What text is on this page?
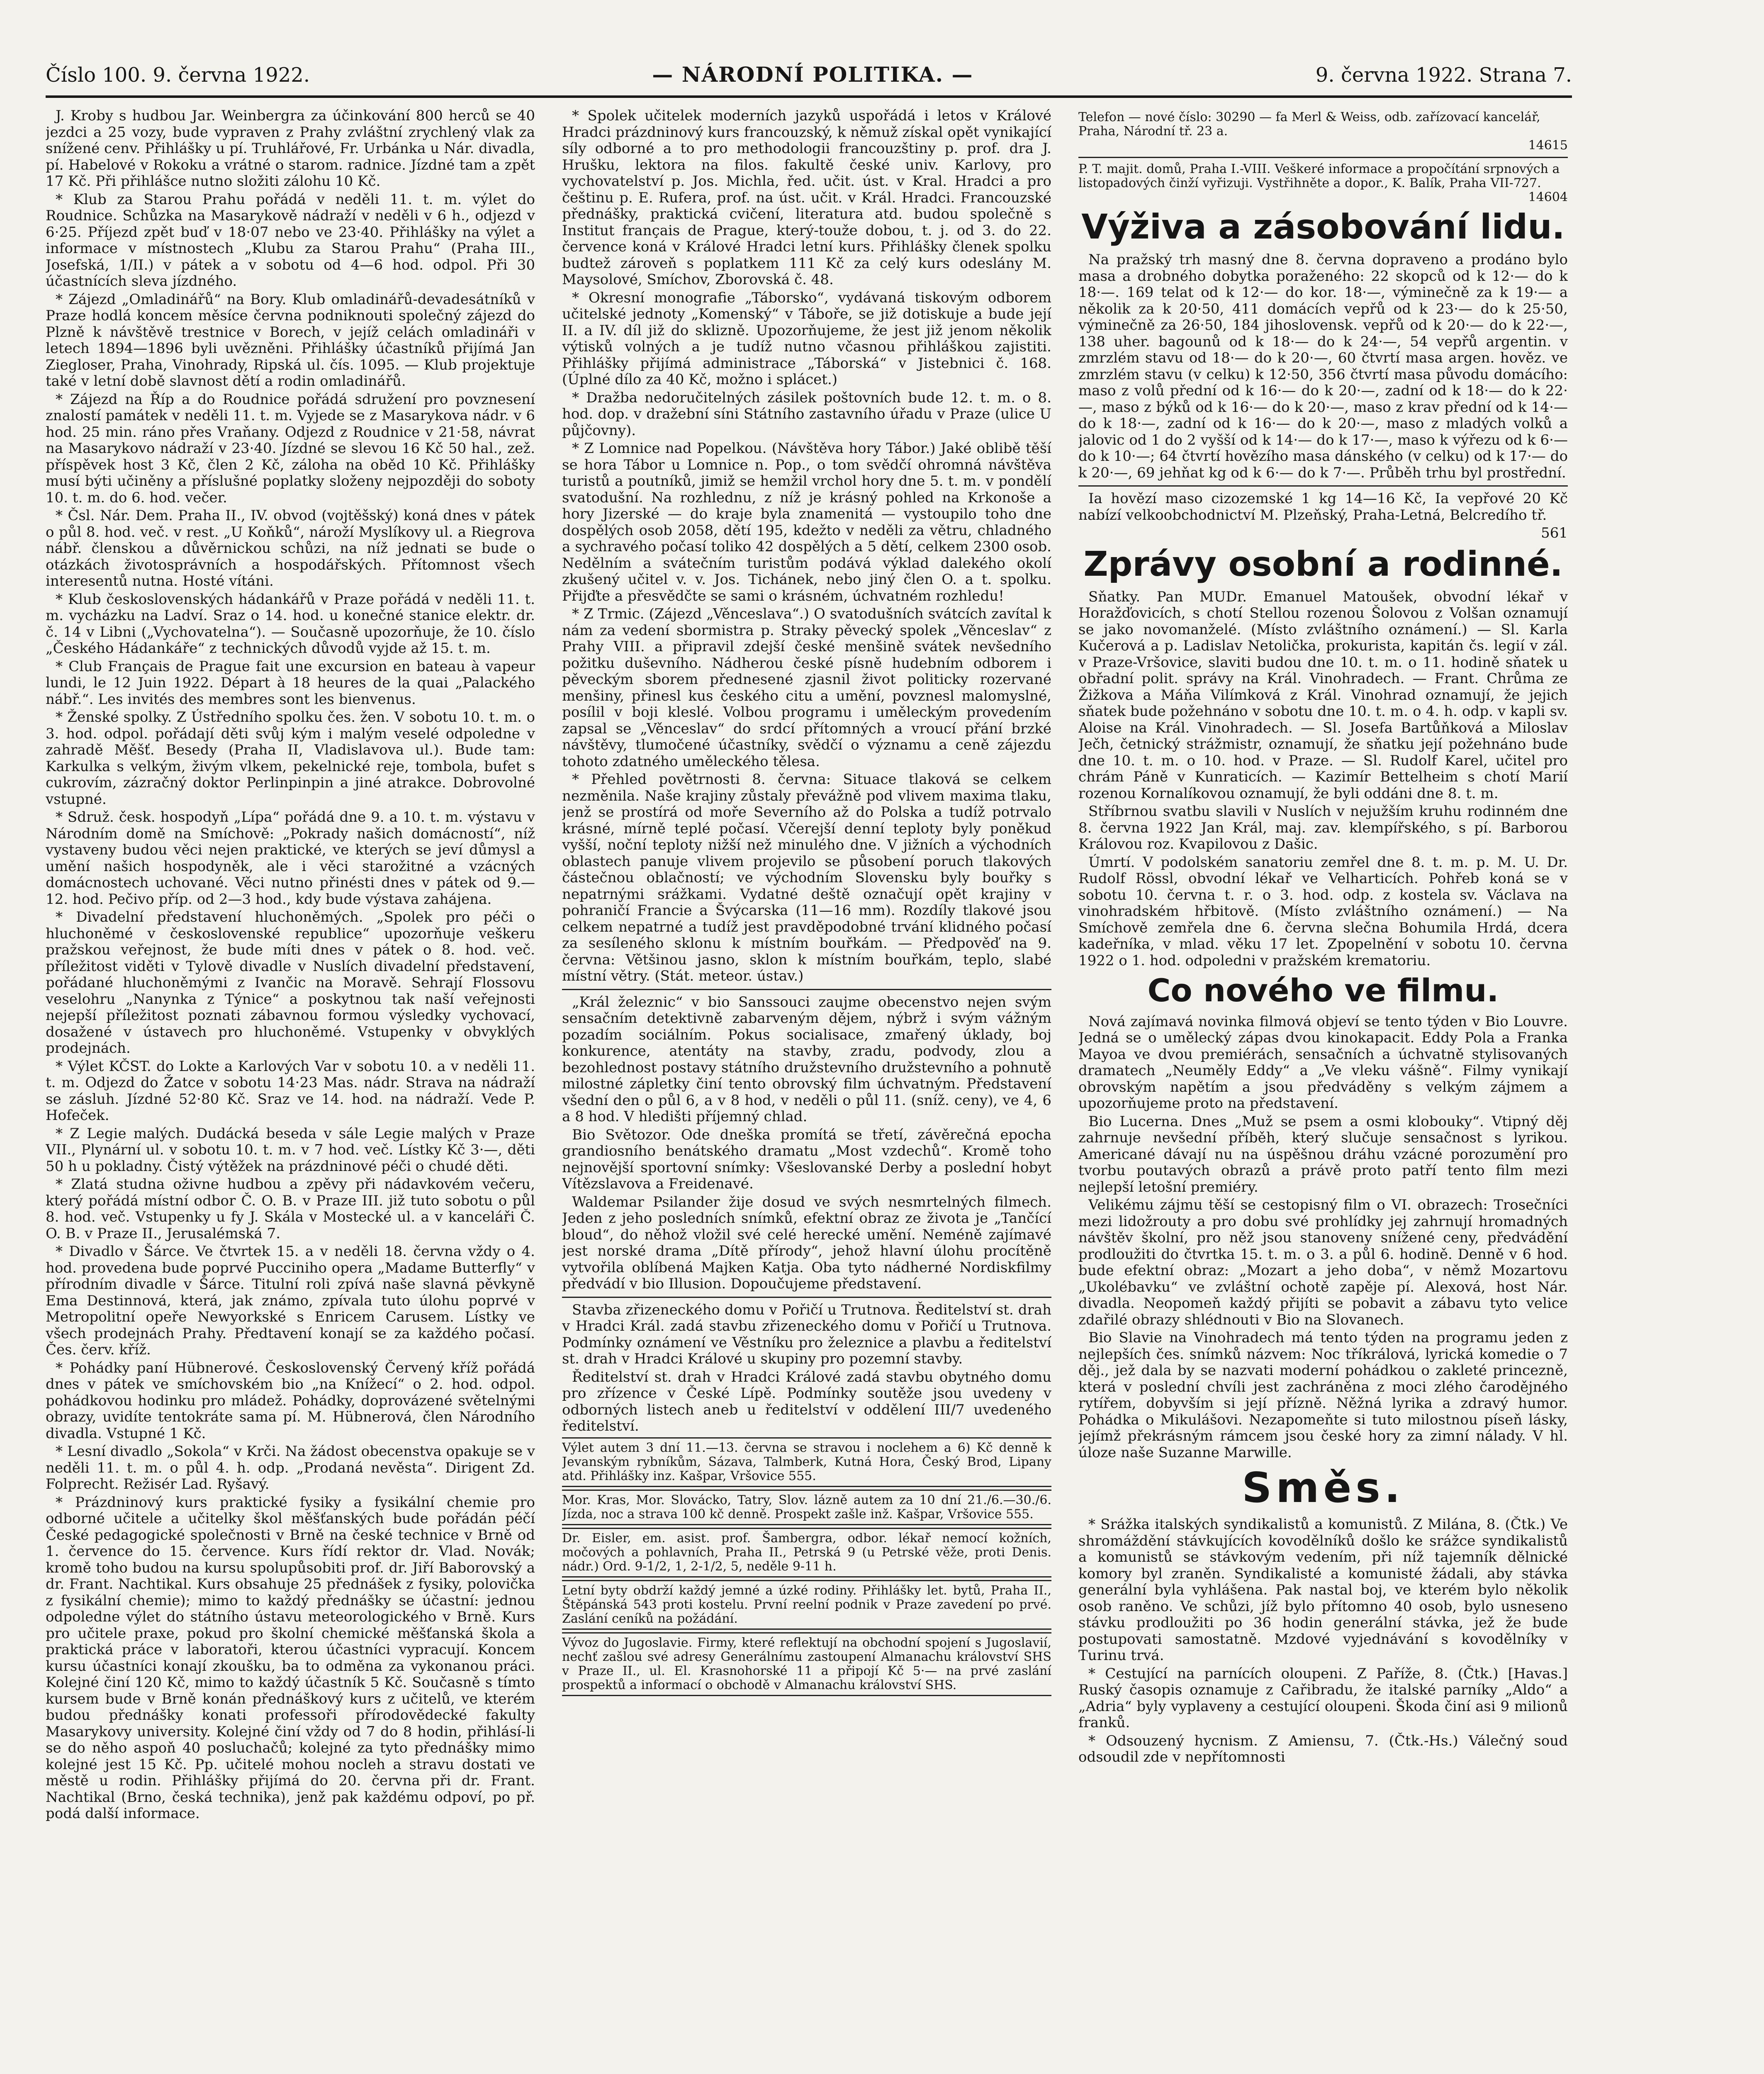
Číslo 100. 9. června 1922.	— NÁRODNÍ POLITIKA. —	9. června 1922. Strana 7.

J. Kroby s hudbou Jar. Weinbergra za účinkování 800 herců se 40 jezdci a 25 vozy, bude vypraven z Prahy zvláštní zrychlený vlak za snížené cenv. Přihlášky u pí. Truhlářové, Fr. Urbánka u Nár. divadla, pí. Habelové v Rokoku a vrátné o starom. radnice. Jízdné tam a zpět 17 Kč. Při přihlášce nutno složiti zálohu 10 Kč.

* Klub za Starou Prahu pořádá v neděli 11. t. m. výlet do Roudnice. Schůzka na Masarykově nádraží v neděli v 6 h., odjezd v 6·25. Příjezd zpět buď v 18·07 nebo ve 23·40. Přihlášky na výlet a informace v místnostech „Klubu za Starou Prahu“ (Praha III., Josefská, 1/II.) v pátek a v sobotu od 4—6 hod. odpol. Při 30 účastnících sleva jízdného.

* Zájezd „Omladinářů“ na Bory. Klub omladinářů-devadesátníků v Praze hodlá koncem měsíce června podniknouti společný zájezd do Plzně k návštěvě trestnice v Borech, v jejíž celách omladináři v letech 1894—1896 byli uvězněni. Přihlášky účastníků přijímá Jan Ziegloser, Praha, Vinohrady, Ripská ul. čís. 1095. — Klub projektuje také v letní době slavnost dětí a rodin omladinářů.

* Zájezd na Říp a do Roudnice pořádá sdružení pro povznesení znalostí památek v neděli 11. t. m. Vyjede se z Masarykova nádr. v 6 hod. 25 min. ráno přes Vraňany. Odjezd z Roudnice v 21·58, návrat na Masarykovo nádraží v 23·40. Jízdné se slevou 16 Kč 50 hal., zež. příspěvek host 3 Kč, člen 2 Kč, záloha na oběd 10 Kč. Přihlášky musí býti učiněny a příslušné poplatky složeny nejpozději do soboty 10. t. m. do 6. hod. večer.

* Čsl. Nár. Dem. Praha II., IV. obvod (vojtěšský) koná dnes v pátek o půl 8. hod. več. v rest. „U Koňků“, nároží Myslíkovy ul. a Riegrova nábř. členskou a důvěrnickou schůzi, na níž jednati se bude o otázkách životosprávních a hospodářských. Přítomnost všech interesentů nutna. Hosté vítáni.

* Klub československých hádankářů v Praze pořádá v neděli 11. t. m. vycházku na Ladví. Sraz o 14. hod. u konečné stanice elektr. dr. č. 14 v Libni („Vychovatelna“). — Současně upozorňuje, že 10. číslo „Českého Hádankáře“ z technických důvodů vyjde až 15. t. m.

* Club Français de Prague fait une excursion en bateau à vapeur lundi, le 12 Juin 1922. Départ à 18 heures de la quai „Palackého nábř.“. Les invités des membres sont les bienvenus.

* Ženské spolky. Z Ústředního spolku čes. žen. V sobotu 10. t. m. o 3. hod. odpol. pořádají děti svůj kým i malým veselé odpoledne v zahradě Měšť. Besedy (Praha II, Vladislavova ul.). Bude tam: Karkulka s velkým, živým vlkem, pekelnické reje, tombola, bufet s cukrovím, zázračný doktor Perlinpinpin a jiné atrakce. Dobrovolné vstupné.

* Sdruž. česk. hospodyň „Lípa“ pořádá dne 9. a 10. t. m. výstavu v Národním domě na Smíchově: „Pokrady našich domácností“, níž vystaveny budou věci nejen praktické, ve kterých se jeví důmysl a umění našich hospodyněk, ale i věci starožitné a vzácných domácnostech uchované. Věci nutno přinésti dnes v pátek od 9.—12. hod. Pečivo příp. od 2—3 hod., kdy bude výstava zahájena.

* Divadelní představení hluchoněmých. „Spolek pro péči o hluchoněmé v československé republice“ upozorňuje veškeru pražskou veřejnost, že bude míti dnes v pátek o 8. hod. več. příležitost viděti v Tylově divadle v Nuslích divadelní představení, pořádané hluchoněmými z Ivančic na Moravě. Sehrají Flossovu veselohru „Nanynka z Týnice“ a poskytnou tak naší veřejnosti nejepší příležitost poznati zábavnou formou výsledky vychovací, dosažené v ústavech pro hluchoněmé. Vstupenky v obvyklých prodejnách.

* Výlet KČST. do Lokte a Karlových Var v sobotu 10. a v neděli 11. t. m. Odjezd do Žatce v sobotu 14·23 Mas. nádr. Strava na nádraží se zásluh. Jízdné 52·80 Kč. Sraz ve 14. hod. na nádraží. Vede P. Hofeček.

* Z Legie malých. Dudácká beseda v sále Legie malých v Praze VII., Plynární ul. v sobotu 10. t. m. v 7 hod. več. Lístky Kč 3·—, děti 50 h u pokladny. Čistý výtěžek na prázdninové péči o chudé děti.

* Zlatá studna oživne hudbou a zpěvy při nádavkovém večeru, který pořádá místní odbor Č. O. B. v Praze III. již tuto sobotu o půl 8. hod. več. Vstupenky u fy J. Skála v Mostecké ul. a v kanceláři Č. O. B. v Praze II., Jerusalémská 7.

* Divadlo v Šárce. Ve čtvrtek 15. a v neděli 18. června vždy o 4. hod. provedena bude poprvé Pucciniho opera „Madame Butterfly“ v přírodním divadle v Šárce. Titulní roli zpívá naše slavná pěvkyně Ema Destinnová, která, jak známo, zpívala tuto úlohu poprvé v Metropolitní opeře Newyorkské s Enricem Carusem. Lístky ve všech prodejnách Prahy. Předtavení konají se za každého počasí. Čes. červ. kříž.

* Pohádky paní Hübnerové. Československý Červený kříž pořádá dnes v pátek ve smíchovském bio „na Knížecí“ o 2. hod. odpol. pohádkovou hodinku pro mládež. Pohádky, doprovázené světelnými obrazy, uvidíte tentokráte sama pí. M. Hübnerová, člen Národního divadla. Vstupné 1 Kč.

* Lesní divadlo „Sokola“ v Krči. Na žádost obecenstva opakuje se v neděli 11. t. m. o půl 4. h. odp. „Prodaná nevěsta“. Dirigent Zd. Folprecht. Režisér Lad. Ryšavý.

* Prázdninový kurs praktické fysiky a fysikální chemie pro odborné učitele a učitelky škol měšťanských bude pořádán péčí České pedagogické společnosti v Brně na české technice v Brně od 1. července do 15. července. Kurs řídí rektor dr. Vlad. Novák; kromě toho budou na kursu spolupůsobiti prof. dr. Jiří Baborovský a dr. Frant. Nachtikal. Kurs obsahuje 25 přednášek z fysiky, polovička z fysikální chemie); mimo to každý přednášky se účastní: jednou odpoledne výlet do státního ústavu meteorologického v Brně. Kurs pro učitele praxe, pokud pro školní chemické měšťanská škola a praktická práce v laboratoři, kterou účastníci vypracují. Koncem kursu účastníci konají zkoušku, ba to odměna za vykonanou práci. Kolejné činí 120 Kč, mimo to každý účastník 5 Kč. Současně s tímto kursem bude v Brně konán přednáškový kurs z učitelů, ve kterém budou přednášky konati professoři přírodovědecké fakulty Masarykovy university. Kolejné činí vždy od 7 do 8 hodin, přihlásí-li se do něho aspoň 40 posluchačů; kolejné za tyto přednášky mimo kolejné jest 15 Kč. Pp. učitelé mohou nocleh a stravu dostati ve městě u rodin. Přihlášky přijímá do 20. června při dr. Frant. Nachtikal (Brno, česká technika), jenž pak každému odpoví, po př. podá další informace.

* Spolek učitelek moderních jazyků uspořádá i letos v Králové Hradci prázdninový kurs francouzský, k němuž získal opět vynikající síly odborné a to pro methodologii francouzštiny p. prof. dra J. Hrušku, lektora na filos. fakultě české univ. Karlovy, pro vychovatelství p. Jos. Michla, řed. učit. úst. v Kral. Hradci a pro češtinu p. E. Rufera, prof. na úst. učit. v Král. Hradci. Francouzské přednášky, praktická cvičení, literatura atd. budou společně s Institut français de Prague, který-touže dobou, t. j. od 3. do 22. července koná v Králové Hradci letní kurs. Přihlášky členek spolku budtež zároveň s poplatkem 111 Kč za celý kurs odeslány M. Maysolové, Smíchov, Zborovská č. 48.

* Okresní monografie „Táborsko“, vydávaná tiskovým odborem učitelské jednoty „Komenský“ v Táboře, se již dotiskuje a bude její II. a IV. díl již do sklizně. Upozorňujeme, že jest již jenom několik výtisků volných a je tudíž nutno včasnou přihláškou zajistiti. Přihlášky přijímá administrace „Táborská“ v Jistebnici č. 168. (Úplné dílo za 40 Kč, možno i splácet.)

* Dražba nedoručitelných zásilek poštovních bude 12. t. m. o 8. hod. dop. v dražební síni Státního zastavního úřadu v Praze (ulice U půjčovny).

* Z Lomnice nad Popelkou. (Návštěva hory Tábor.) Jaké oblibě těší se hora Tábor u Lomnice n. Pop., o tom svědčí ohromná návštěva turistů a poutníků, jimiž se hemžil vrchol hory dne 5. t. m. v pondělí svatodušní. Na rozhlednu, z níž je krásný pohled na Krkonoše a hory Jizerské — do kraje byla znamenitá — vystoupilo toho dne dospělých osob 2058, dětí 195, kdežto v neděli za větru, chladného a sychravého počasí toliko 42 dospělých a 5 dětí, celkem 2300 osob. Nedělním a svátečním turistům podává výklad dalekého okolí zkušený učitel v. v. Jos. Tichánek, nebo jiný člen O. a t. spolku. Přijďte a přesvědčte se sami o krásném, úchvatném rozhledu!

* Z Trmic. (Zájezd „Věnceslava“.) O svatodušních svátcích zavítal k nám za vedení sbormistra p. Straky pěvecký spolek „Věnceslav“ z Prahy VIII. a připravil zdejší české menšině svátek nevšedního požitku duševního. Nádherou české písně hudebním odborem i pěveckým sborem přednesené zjasnil život politicky rozervané menšiny, přinesl kus českého citu a umění, povznesl malomyslné, posílil v boji kleslé. Volbou programu i uměleckým provedením zapsal se „Věnceslav“ do srdcí přítomných a vroucí přání brzké návštěvy, tlumočené účastníky, svědčí o významu a ceně zájezdu tohoto zdatného uměleckého tělesa.

* Přehled povětrnosti 8. června: Situace tlaková se celkem nezměnila. Naše krajiny zůstaly převážně pod vlivem maxima tlaku, jenž se prostírá od moře Severního až do Polska a tudíž potrvalo krásné, mírně teplé počasí. Včerejší denní teploty byly poněkud vyšší, noční teploty nižší než minulého dne. V jižních a východních oblastech panuje vlivem projevilo se působení poruch tlakových částečnou oblačností; ve východním Slovensku byly bouřky s nepatrnými srážkami. Vydatné deště označují opět krajiny v pohraničí Francie a Švýcarska (11—16 mm). Rozdíly tlakové jsou celkem nepatrné a tudíž jest pravděpodobné trvání klidného počasí za sesíleného sklonu k místním bouřkám. — Předpověď na 9. června: Většinou jasno, sklon k místním bouřkám, teplo, slabé místní větry. (Stát. meteor. ústav.)

„Král železnic“ v bio Sanssouci zaujme obecenstvo nejen svým sensačním detektivně zabarveným dějem, nýbrž i svým vážným pozadím sociálním. Pokus socialisace, zmařený úklady, boj konkurence, atentáty na stavby, zradu, podvody, zlou a bezohlednost postavy státního družstevního družstevního a pohnutě milostné zápletky činí tento obrovský film úchvatným. Představení všední den o půl 6, a v 8 hod, v neděli o půl 11. (sníž. ceny), ve 4, 6 a 8 hod. V hledišti příjemný chlad.

Bio Světozor. Ode dneška promítá se třetí, závěrečná epocha grandiosního benátského dramatu „Most vzdechů“. Kromě toho nejnovější sportovní snímky: Všeslovanské Derby a poslední hobyt Vítězslavova a Freidenavé.

Waldemar Psilander žije dosud ve svých nesmrtelných filmech. Jeden z jeho posledních snímků, efektní obraz ze života je „Tančící bloud“, do něhož vložil své celé herecké umění. Neméně zajímavé jest norské drama „Dítě přírody“, jehož hlavní úlohu procítěně vytvořila oblíbená Majken Katja. Oba tyto nádherné Nordiskfilmy předvádí v bio Illusion. Dopoučujeme představení.

Stavba zřizeneckého domu v Pořičí u Trutnova. Ředitelství st. drah v Hradci Král. zadá stavbu zřizeneckého domu v Pořičí u Trutnova. Podmínky oznámení ve Věstníku pro železnice a plavbu a ředitelství st. drah v Hradci Králové u skupiny pro pozemní stavby.

Ředitelství st. drah v Hradci Králové zadá stavbu obytného domu pro zřízence v České Lípě. Podmínky soutěže jsou uvedeny v odborných listech aneb u ředitelství v oddělení III/7 uvedeného ředitelství.

Výlet autem 3 dní 11.—13. června se stravou i noclehem a 6) Kč denně k Jevanským rybníkům, Sázava, Talmberk, Kutná Hora, Český Brod, Lipany atd. Přihlášky inz. Kašpar, Vršovice 555.
Mor. Kras, Mor. Slovácko, Tatry, Slov. lázně autem za 10 dní 21./6.—30./6. Jízda, noc a strava 100 kč denně. Prospekt zašle inž. Kašpar, Vršovice 555.
Dr. Eisler, em. asist. prof. Šambergra, odbor. lékař nemocí kožních, močových a pohlavních, Praha II., Petrská 9 (u Petrské věže, proti Denis. nádr.) Ord. 9-1/2, 1, 2-1/2, 5, neděle 9-11 h.
Letní byty obdrží každý jemné a úzké rodiny. Přihlášky let. bytů, Praha II., Štěpánská 543 proti kostelu. První reelní podnik v Praze zavedení po prvé. Zaslání ceníků na požádání.
Vývoz do Jugoslavie. Firmy, které reflektují na obchodní spojení s Jugoslavií, nechť zašlou své adresy Generálnímu zastoupení Almanachu království SHS v Praze II., ul. El. Krasnohorské 11 a připojí Kč 5·— na prvé zaslání prospektů a informací o obchodě v Almanachu království SHS.
Telefon — nové číslo: 30290 — fa Merl & Weiss, odb. zařízovací kancelář, Praha, Národní tř. 23 a.
14615
P. T. majit. domů, Praha I.-VIII. Veškeré informace a propočítání srpnových a listopadových činží vyřizuji. Vystřihněte a dopor., K. Balík, Praha VII-727.
14604
Výživa a zásobování lidu.

Na pražský trh masný dne 8. června dopraveno a prodáno bylo masa a drobného dobytka poraženého: 22 skopců od k 12·— do k 18·—. 169 telat od k 12·— do kor. 18·—, výminečně za k 19·— a několik za k 20·50, 411 domácích vepřů od k 23·— do k 25·50, výminečně za 26·50, 184 jihoslovensk. vepřů od k 20·— do k 22·—, 138 uher. bagounů od k 18·— do k 24·—, 54 vepřů argentin. v zmrzlém stavu od 18·— do k 20·—, 60 čtvrtí masa argen. hověz. ve zmrzlém stavu (v celku) k 12·50, 356 čtvrtí masa původu domácího: maso z volů přední od k 16·— do k 20·—, zadní od k 18·— do k 22·—, maso z býků od k 16·— do k 20·—, maso z krav přední od k 14·— do k 18·—, zadní od k 16·— do k 20·—, maso z mladých volků a jalovic od 1 do 2 vyšší od k 14·— do k 17·—, maso k výřezu od k 6·— do k 10·—; 64 čtvrtí hovězího masa dánského (v celku) od k 17·— do k 20·—, 69 jehňat kg od k 6·— do k 7·—. Průběh trhu byl prostřední.

Ia hovězí maso cizozemské 1 kg 14—16 Kč, Ia vepřové 20 Kč nabízí velkoobchodnictví M. Plzeňský, Praha-Letná, Belcredího tř.

561
Zprávy osobní a rodinné.

Sňatky. Pan MUDr. Emanuel Matoušek, obvodní lékař v Horažďovicích, s chotí Stellou rozenou Šolovou z Volšan oznamují se jako novomanželé. (Místo zvláštního oznámení.) — Sl. Karla Kučerová a p. Ladislav Netolička, prokurista, kapitán čs. legií v zál. v Praze-Vršovice, slaviti budou dne 10. t. m. o 11. hodině sňatek u obřadní polit. správy na Král. Vinohradech. — Frant. Chrůma ze Žižkova a Máňa Vilímková z Král. Vinohrad oznamují, že jejich sňatek bude požehnáno v sobotu dne 10. t. m. o 4. h. odp. v kapli sv. Aloise na Král. Vinohradech. — Sl. Josefa Bartůňková a Miloslav Ječh, četnický strážmistr, oznamují, že sňatku její požehnáno bude dne 10. t. m. o 10. hod. v Praze. — Sl. Rudolf Karel, učitel pro chrám Páně v Kunraticích. — Kazimír Bettelheim s chotí Marií rozenou Kornalíkovou oznamují, že byli oddáni dne 8. t. m.

Stříbrnou svatbu slavili v Nuslích v nejužším kruhu rodinném dne 8. června 1922 Jan Král, maj. zav. klempířského, s pí. Barborou Královou roz. Kvapilovou z Dašic.

Úmrtí. V podolském sanatoriu zemřel dne 8. t. m. p. M. U. Dr. Rudolf Rössl, obvodní lékař ve Velharticích. Pohřeb koná se v sobotu 10. června t. r. o 3. hod. odp. z kostela sv. Václava na vinohradském hřbitově. (Místo zvláštního oznámení.) — Na Smíchově zemřela dne 6. června slečna Bohumila Hrdá, dcera kadeřníka, v mlad. věku 17 let. Zpopelnění v sobotu 10. června 1922 o 1. hod. odpoledni v pražském krematoriu.

Co nového ve filmu.

Nová zajímavá novinka filmová objeví se tento týden v Bio Louvre. Jedná se o umělecký zápas dvou kinokapacit. Eddy Pola a Franka Mayoa ve dvou premiérách, sensačních a úchvatně stylisovaných dramatech „Neuměly Eddy“ a „Ve vleku vášně“. Filmy vynikají obrovským napětím a jsou předváděny s velkým zájmem a upozorňujeme proto na představení.

Bio Lucerna. Dnes „Muž se psem a osmi klobouky“. Vtipný děj zahrnuje nevšední příběh, který slučuje sensačnost s lyrikou. Americané dávají nu na úspěšnou dráhu vzácné porozumění pro tvorbu poutavých obrazů a právě proto patří tento film mezi nejlepší letošní premiéry.

Velikému zájmu těší se cestopisný film o VI. obrazech: Trosečníci mezi lidožrouty a pro dobu své prohlídky jej zahrnují hromadných návštěv školní, pro něž jsou stanoveny snížené ceny, předvádění prodloužiti do čtvrtka 15. t. m. o 3. a půl 6. hodině. Denně v 6 hod. bude efektní obraz: „Mozart a jeho doba“, v němž Mozartovu „Ukolébavku“ ve zvláštní ochotě zapěje pí. Alexová, host Nár. divadla. Neopomeň každý přijíti se pobavit a zábavu tyto velice zdařilé obrazy shlédnouti v Bio na Slovanech.

Bio Slavie na Vinohradech má tento týden na programu jeden z nejlepších čes. snímků názvem: Noc tříkrálová, lyrická komedie o 7 děj., jež dala by se nazvati moderní pohádkou o zakleté princezně, která v poslední chvíli jest zachráněna z moci zlého čarodějného rytířem, dobyvším si její přízně. Něžná lyrika a zdravý humor. Pohádka o Mikulášovi. Nezapomeňte si tuto milostnou píseň lásky, jejímž překrásným rámcem jsou české hory za zimní nálady. V hl. úloze naše Suzanne Marwille.

Směs.

* Srážka italských syndikalistů a komunistů. Z Milána, 8. (Čtk.) Ve shromáždění stávkujících kovodělníků došlo ke srážce syndikalistů a komunistů se stávkovým vedením, při níž tajemník dělnické komory byl zraněn. Syndikalisté a komunisté žádali, aby stávka generální byla vyhlášena. Pak nastal boj, ve kterém bylo několik osob raněno. Ve schůzi, jíž bylo přítomno 40 osob, bylo usneseno stávku prodloužiti po 36 hodin generální stávka, jež že bude postupovati samostatně. Mzdové vyjednávání s kovodělníky v Turinu trvá.

* Cestující na parnících oloupeni. Z Paříže, 8. (Čtk.) [Havas.] Ruský časopis oznamuje z Cařibradu, že italské parníky „Aldo“ a „Adria“ byly vyplaveny a cestující oloupeni. Škoda činí asi 9 milionů franků.

* Odsouzený hycnism. Z Amiensu, 7. (Čtk.-Hs.) Válečný soud odsoudil zde v nepřítomnosti
